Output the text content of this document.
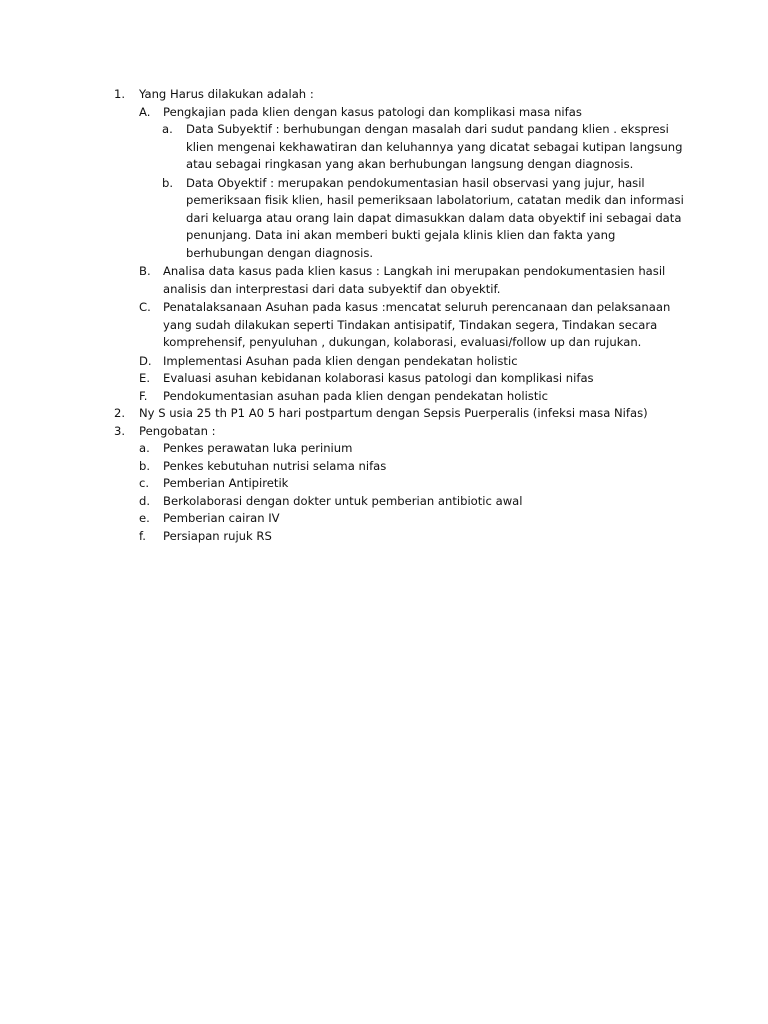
1. Yang Harus dilakukan adalah :
A. Pengkajian pada klien dengan kasus patologi dan komplikasi masa nifas
a. Data Subyektif : berhubungan dengan masalah dari sudut pandang klien . ekspresi klien mengenai kekhawatiran dan keluhannya yang dicatat sebagai kutipan langsung atau sebagai ringkasan yang akan berhubungan langsung dengan diagnosis.
b. Data Obyektif : merupakan pendokumentasian hasil observasi yang jujur, hasil pemeriksaan fisik klien, hasil pemeriksaan labolatorium, catatan medik dan informasi dari keluarga atau orang lain dapat dimasukkan dalam data obyektif ini sebagai data penunjang. Data ini akan memberi bukti gejala klinis klien dan fakta yang berhubungan dengan diagnosis.
B. Analisa data kasus pada klien kasus : Langkah ini merupakan pendokumentasien hasil analisis dan interprestasi dari data subyektif dan obyektif.
C. Penatalaksanaan Asuhan pada kasus :mencatat seluruh perencanaan dan pelaksanaan yang sudah dilakukan seperti Tindakan antisipatif, Tindakan segera, Tindakan secara komprehensif, penyuluhan , dukungan, kolaborasi, evaluasi/follow up dan rujukan.
D. Implementasi Asuhan pada klien dengan pendekatan holistic
E. Evaluasi asuhan kebidanan kolaborasi kasus patologi dan komplikasi nifas
F. Pendokumentasian asuhan pada klien dengan pendekatan holistic
2. Ny S usia 25 th P1 A0 5 hari postpartum dengan Sepsis Puerperalis (infeksi masa Nifas)
3. Pengobatan :
a. Penkes perawatan luka perinium
b. Penkes kebutuhan nutrisi selama nifas
c. Pemberian Antipiretik
d. Berkolaborasi dengan dokter untuk pemberian antibiotic awal
e. Pemberian cairan IV
f. Persiapan rujuk RS
